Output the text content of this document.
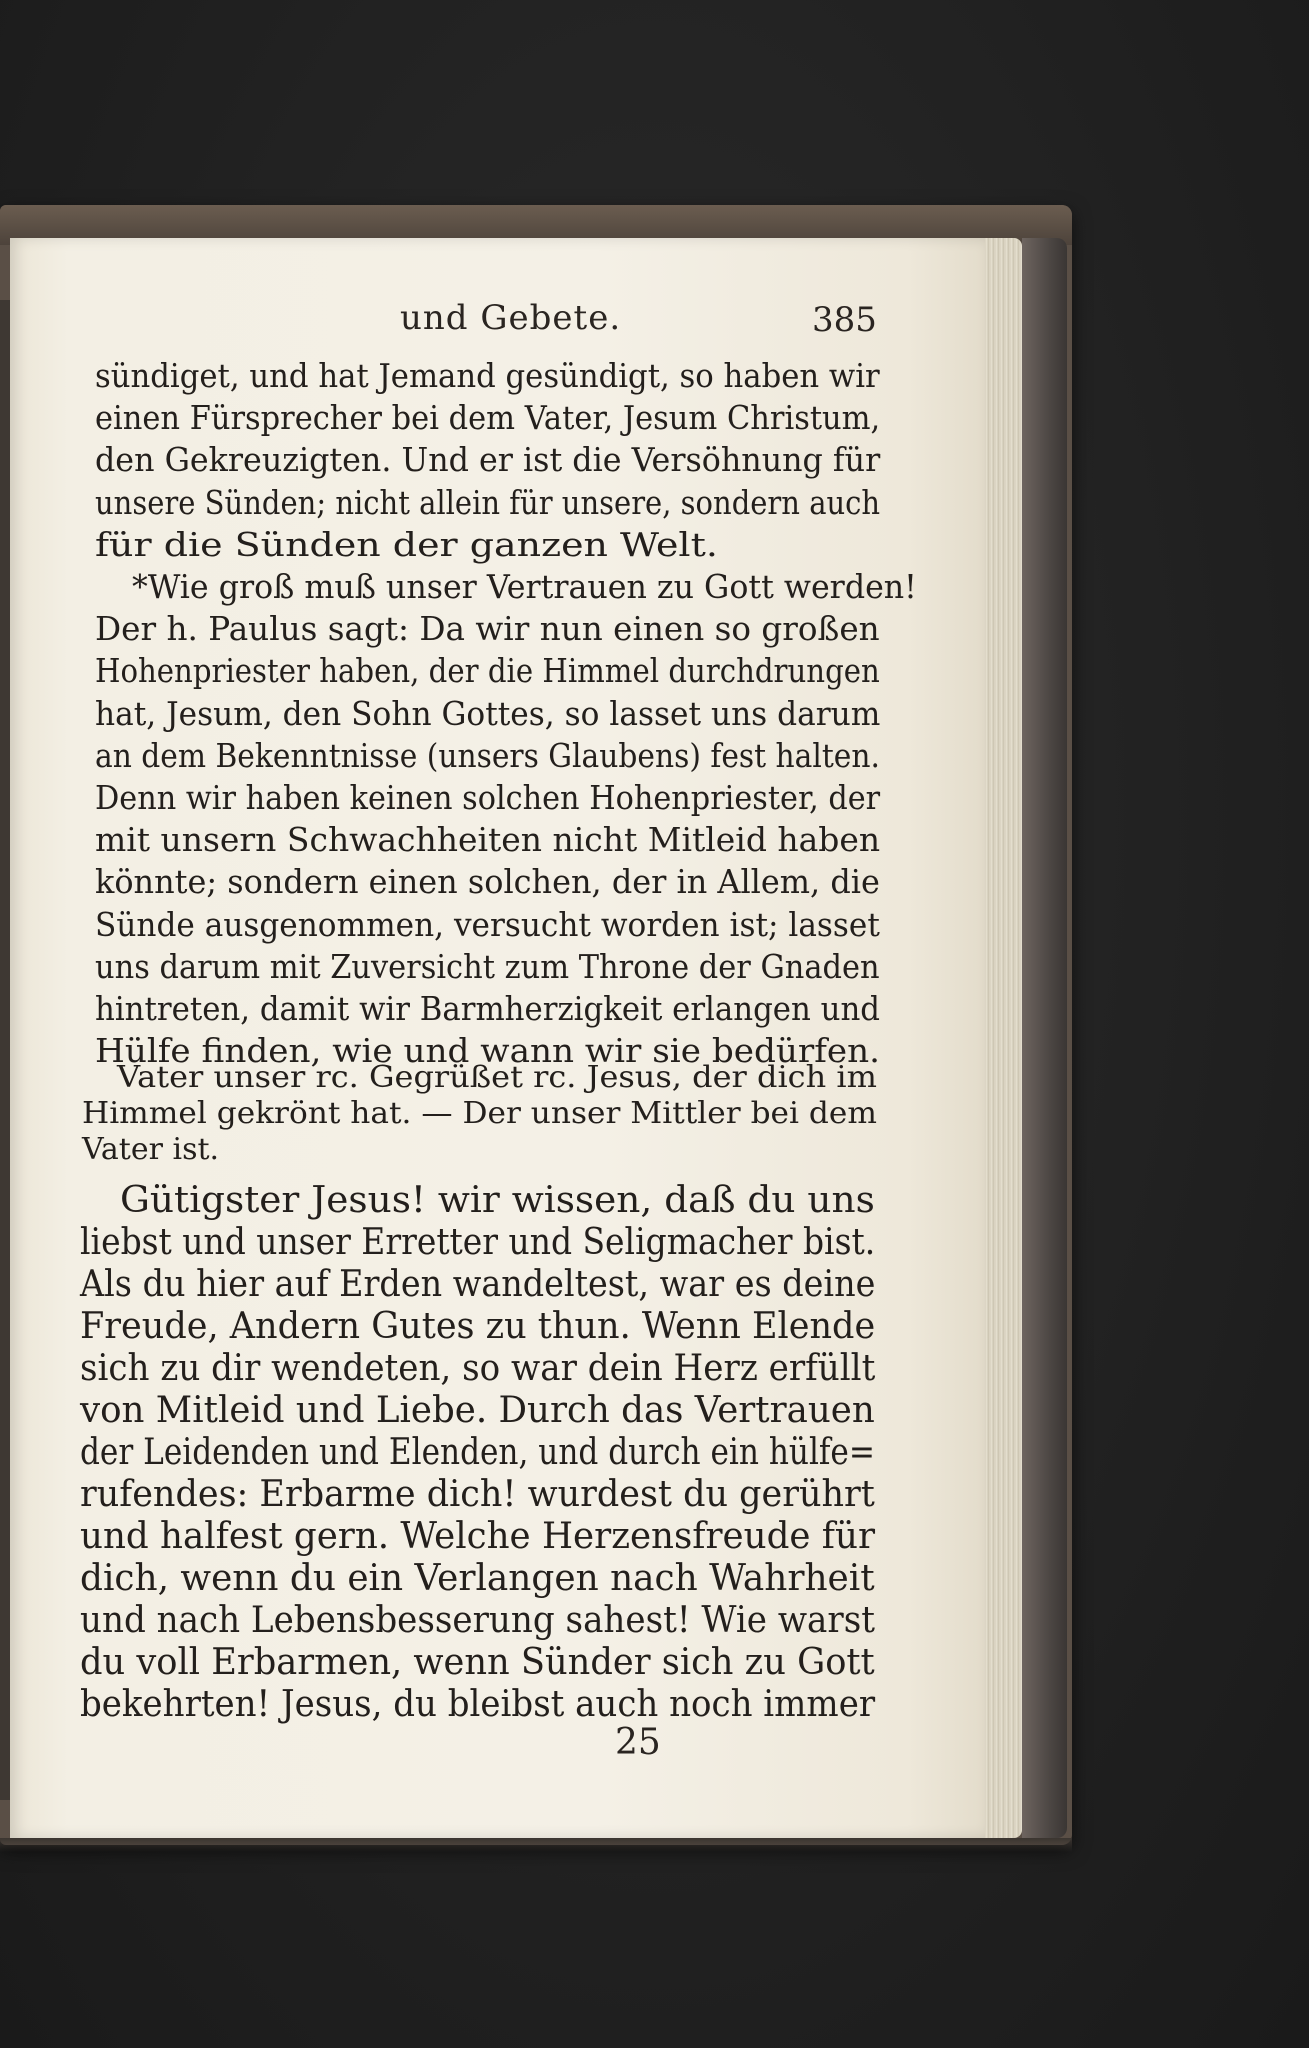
und Gebete.	385
sündiget, und hat Jemand gesündigt, so haben wir
einen Fürsprecher bei dem Vater, Jesum Christum,
den Gekreuzigten. Und er ist die Versöhnung für
unsere Sünden; nicht allein für unsere, sondern auch
für die Sünden der ganzen Welt.
*Wie groß muß unser Vertrauen zu Gott werden!
Der h. Paulus sagt: Da wir nun einen so großen
Hohenpriester haben, der die Himmel durchdrungen
hat, Jesum, den Sohn Gottes, so lasset uns darum
an dem Bekenntnisse (unsers Glaubens) fest halten.
Denn wir haben keinen solchen Hohenpriester, der
mit unsern Schwachheiten nicht Mitleid haben
könnte; sondern einen solchen, der in Allem, die
Sünde ausgenommen, versucht worden ist; lasset
uns darum mit Zuversicht zum Throne der Gnaden
hintreten, damit wir Barmherzigkeit erlangen und
Hülfe finden, wie und wann wir sie bedürfen.
Vater unser rc. Gegrüßet rc. Jesus, der dich im
Himmel gekrönt hat. — Der unser Mittler bei dem
Vater ist.
Gütigster Jesus! wir wissen, daß du uns
liebst und unser Erretter und Seligmacher bist.
Als du hier auf Erden wandeltest, war es deine
Freude, Andern Gutes zu thun. Wenn Elende
sich zu dir wendeten, so war dein Herz erfüllt
von Mitleid und Liebe. Durch das Vertrauen
der Leidenden und Elenden, und durch ein hülfe=
rufendes: Erbarme dich! wurdest du gerührt
und halfest gern. Welche Herzensfreude für
dich, wenn du ein Verlangen nach Wahrheit
und nach Lebensbesserung sahest! Wie warst
du voll Erbarmen, wenn Sünder sich zu Gott
bekehrten! Jesus, du bleibst auch noch immer
25
